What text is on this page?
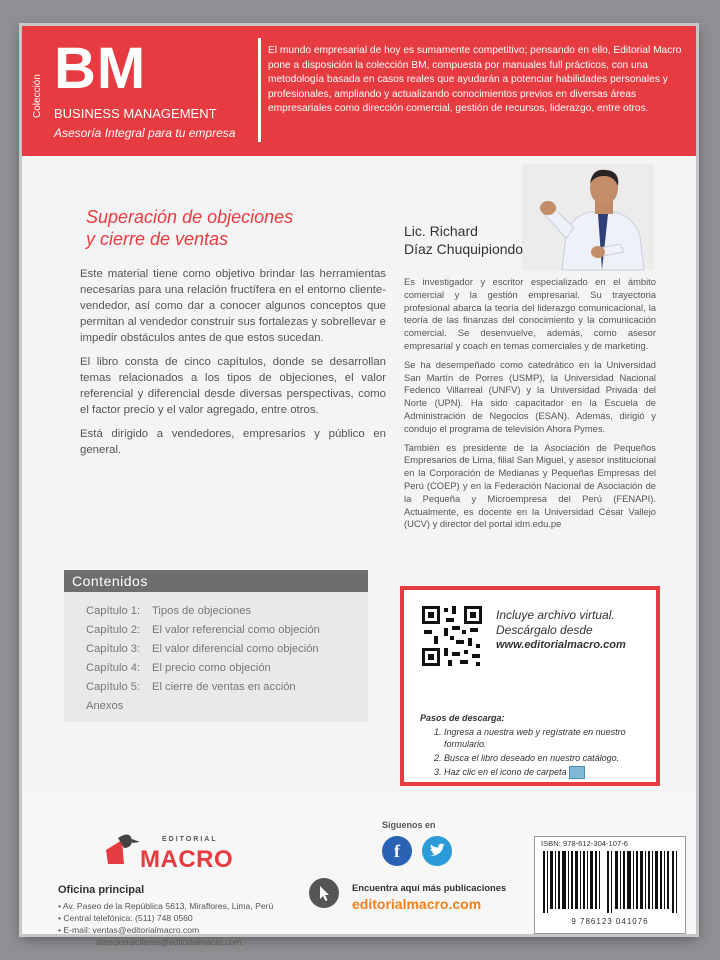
Colección BM
BUSINESS MANAGEMENT
Asesoría Integral para tu empresa
El mundo empresarial de hoy es sumamente competitivo; pensando en ello, Editorial Macro pone a disposición la colección BM, compuesta por manuales full prácticos, con una metodología basada en casos reales que ayudarán a potenciar habilidades personales y profesionales, ampliando y actualizando conocimientos previos en diversas áreas empresariales como dirección comercial, gestión de recursos, liderazgo, entre otros.
Superación de objeciones
y cierre de ventas

Este material tiene como objetivo brindar las herramientas necesarias para una relación fructífera en el entorno cliente-vendedor, así como dar a conocer algunos conceptos que permitan al vendedor construir sus fortalezas y sobrellevar e impedir obstáculos antes de que estos sucedan.

El libro consta de cinco capítulos, donde se desarrollan temas relacionados a los tipos de objeciones, el valor referencial y diferencial desde diversas perspectivas, como el factor precio y el valor agregado, entre otros.

Está dirigido a vendedores, empresarios y público en general.

Contenidos
Capítulo 1: Tipos de objeciones
Capítulo 2: El valor referencial como objeción
Capítulo 3: El valor diferencial como objeción
Capítulo 4: El precio como objeción
Capítulo 5: El cierre de ventas en acción
Anexos
Lic. Richard
Díaz Chuquipiondo

Es investigador y escritor especializado en el ámbito comercial y la gestión empresarial. Su trayectoria profesional abarca la teoría del liderazgo comunicacional, la teoría de las finanzas del conocimiento y la comunicación comercial. Se desenvuelve, además, como asesor empresarial y coach en temas comerciales y de marketing.

Se ha desempeñado como catedrático en la Universidad San Martín de Porres (USMP), la Universidad Nacional Federico Villarreal (UNFV) y la Universidad Privada del Norte (UPN). Ha sido capacitador en la Escuela de Administración de Negocios (ESAN). Además, dirigió y condujo el programa de televisión Ahora Pymes.

También es presidente de la Asociación de Pequeños Empresarios de Lima, filial San Miguel, y asesor institucional en la Corporación de Medianas y Pequeñas Empresas del Perú (COEP) y en la Federación Nacional de Asociación de la Pequeña y Microempresa del Perú (FENAPI). Actualmente, es docente en la Universidad César Vallejo (UCV) y director del portal idm.edu.pe

Incluye archivo virtual.
Descárgalo desde
www.editorialmacro.com
Pasos de descarga:
1. Ingresa a nuestra web y regístrate en nuestro formulario.
2. Busca el libro deseado en nuestro catálogo.
3. Haz clic en el icono de carpeta
EDITORIAL
MACRO
Oficina principal
• Av. Paseo de la República 5613, Miraflores, Lima, Perú
• Central telefónica: (511) 748 0560
• E-mail: ventas@editorialmacro.com
atencionalcliente@editorialmacro.com
Síguenos en
f
Encuentra aquí más publicaciones
editorialmacro.com
ISBN: 978-612-304-107-6
9 786123 041076
